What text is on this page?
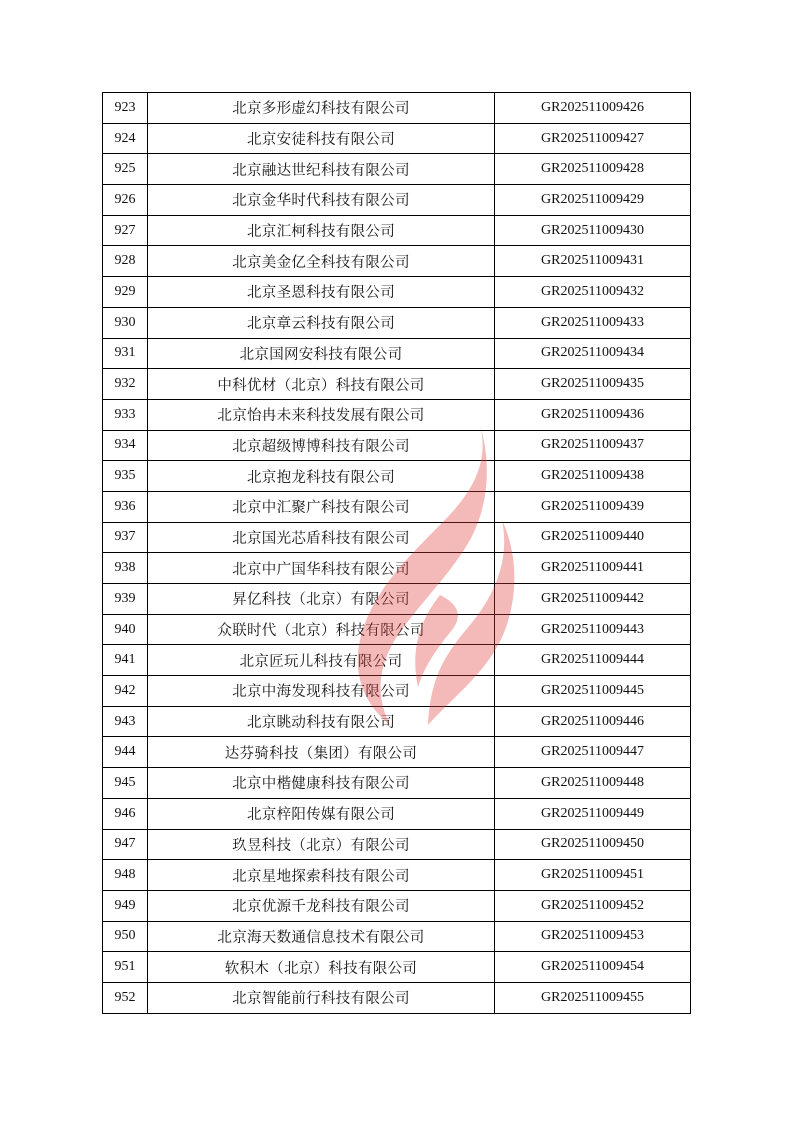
923	北京多形虚幻科技有限公司	GR202511009426
924	北京安徒科技有限公司	GR202511009427
925	北京融达世纪科技有限公司	GR202511009428
926	北京金华时代科技有限公司	GR202511009429
927	北京汇柯科技有限公司	GR202511009430
928	北京美金亿全科技有限公司	GR202511009431
929	北京圣恩科技有限公司	GR202511009432
930	北京章云科技有限公司	GR202511009433
931	北京国网安科技有限公司	GR202511009434
932	中科优材（北京）科技有限公司	GR202511009435
933	北京怡冉未来科技发展有限公司	GR202511009436
934	北京超级博博科技有限公司	GR202511009437
935	北京抱龙科技有限公司	GR202511009438
936	北京中汇聚广科技有限公司	GR202511009439
937	北京国光芯盾科技有限公司	GR202511009440
938	北京中广国华科技有限公司	GR202511009441
939	昇亿科技（北京）有限公司	GR202511009442
940	众联时代（北京）科技有限公司	GR202511009443
941	北京匠玩儿科技有限公司	GR202511009444
942	北京中海发现科技有限公司	GR202511009445
943	北京眺动科技有限公司	GR202511009446
944	达芬骑科技（集团）有限公司	GR202511009447
945	北京中楷健康科技有限公司	GR202511009448
946	北京梓阳传媒有限公司	GR202511009449
947	玖昱科技（北京）有限公司	GR202511009450
948	北京星地探索科技有限公司	GR202511009451
949	北京优源千龙科技有限公司	GR202511009452
950	北京海天数通信息技术有限公司	GR202511009453
951	软积木（北京）科技有限公司	GR202511009454
952	北京智能前行科技有限公司	GR202511009455
